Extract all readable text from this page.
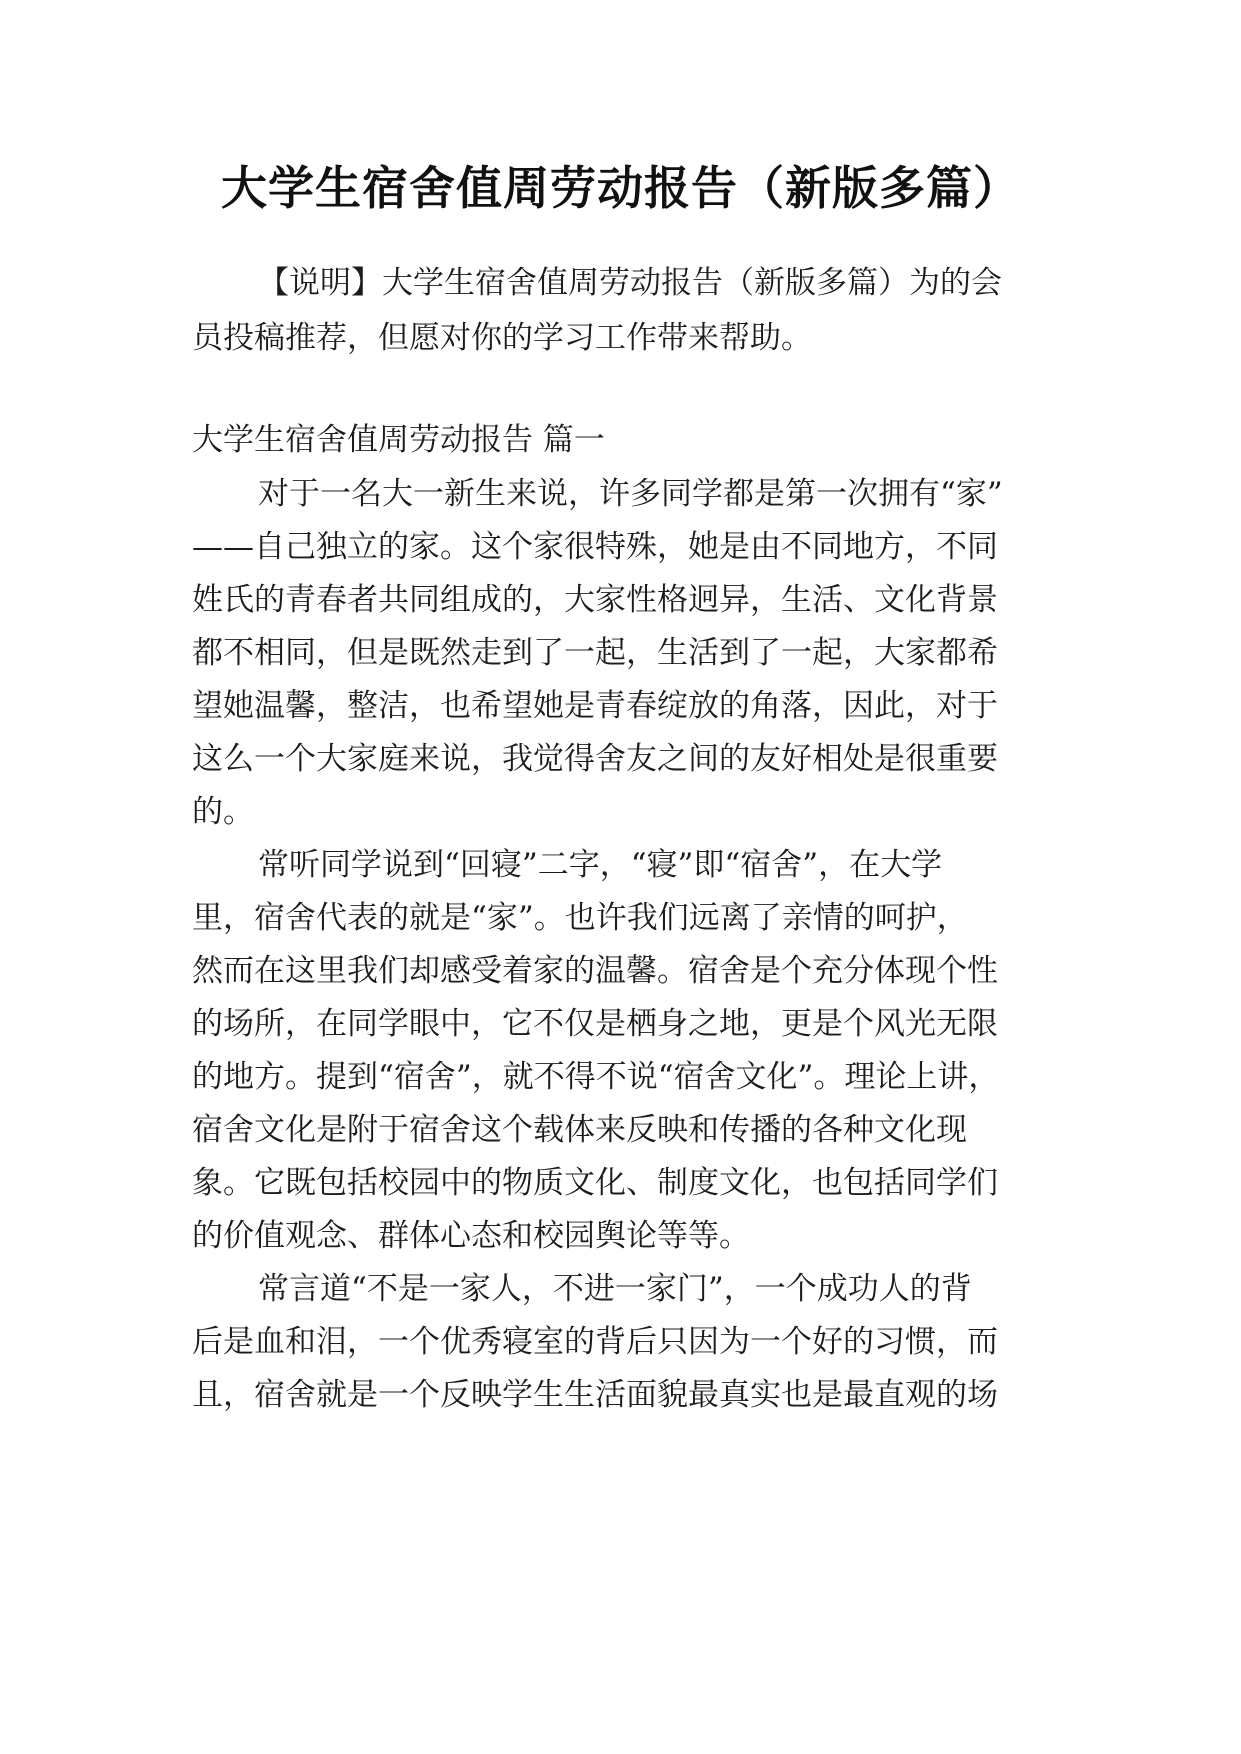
大学生宿舍值周劳动报告（新版多篇）
【说明】大学生宿舍值周劳动报告（新版多篇）为的会
员投稿推荐，但愿对你的学习工作带来帮助。
大学生宿舍值周劳动报告 篇一
对于一名大一新生来说，许多同学都是第一次拥有“家”
——自己独立的家。这个家很特殊，她是由不同地方，不同
姓氏的青春者共同组成的，大家性格迥异，生活、文化背景
都不相同，但是既然走到了一起，生活到了一起，大家都希
望她温馨，整洁，也希望她是青春绽放的角落，因此，对于
这么一个大家庭来说，我觉得舍友之间的友好相处是很重要
的。
常听同学说到“回寝”二字，“寝”即“宿舍”，在大学
里，宿舍代表的就是“家”。也许我们远离了亲情的呵护，
然而在这里我们却感受着家的温馨。宿舍是个充分体现个性
的场所，在同学眼中，它不仅是栖身之地，更是个风光无限
的地方。提到“宿舍”，就不得不说“宿舍文化”。理论上讲，
宿舍文化是附于宿舍这个载体来反映和传播的各种文化现
象。它既包括校园中的物质文化、制度文化，也包括同学们
的价值观念、群体心态和校园舆论等等。
常言道“不是一家人，不进一家门”，一个成功人的背
后是血和泪，一个优秀寝室的背后只因为一个好的习惯，而
且，宿舍就是一个反映学生生活面貌最真实也是最直观的场
